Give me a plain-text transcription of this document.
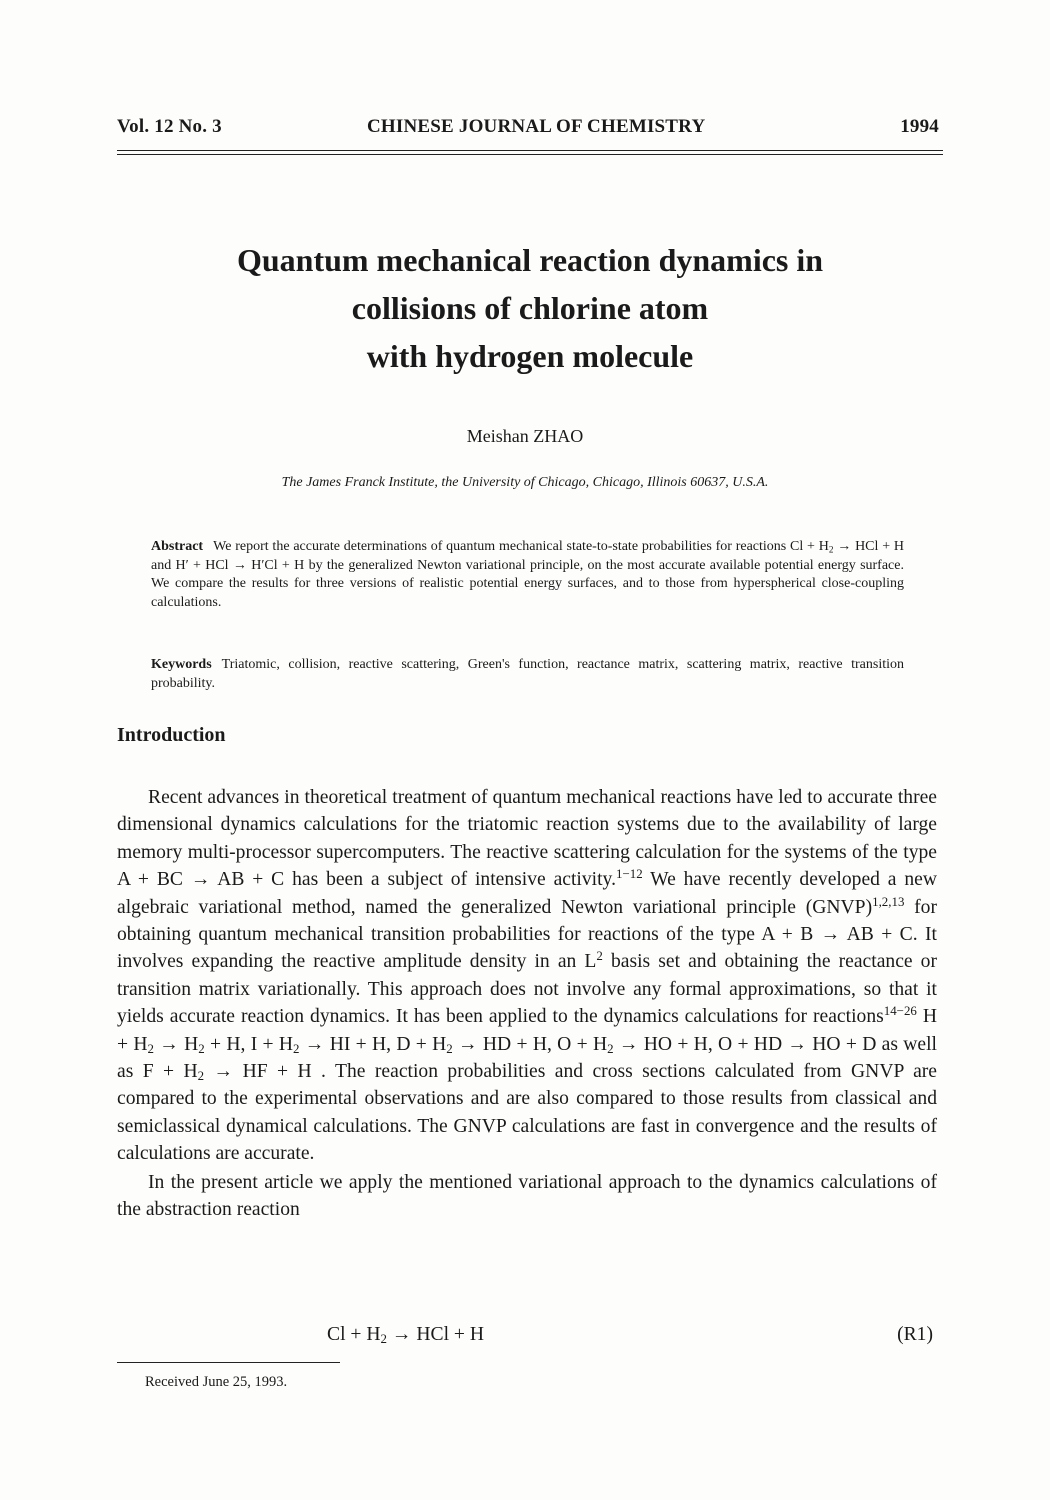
Vol. 12 No. 3	CHINESE JOURNAL OF CHEMISTRY	1994
Quantum mechanical reaction dynamics in
collisions of chlorine atom
with hydrogen molecule
Meishan ZHAO
The James Franck Institute, the University of Chicago, Chicago, Illinois 60637, U.S.A.
Abstract We report the accurate determinations of quantum mechanical state-to-state probabilities for reactions $Cl + H_2$ → HCl + H and H′ + HCl → H′Cl + H by the generalized Newton variational principle, on the most accurate available potential energy surface. We compare the results for three versions of realistic potential energy surfaces, and to those from hyperspherical close-coupling calculations.
Keywords Triatomic, collision, reactive scattering, Green's function, reactance matrix, scattering matrix, reactive transition probability.
Introduction

Recent advances in theoretical treatment of quantum mechanical reactions have led to accurate three dimensional dynamics calculations for the triatomic reaction systems due to the availability of large memory multi-processor supercomputers. The reactive scattering calculation for the systems of the type A + BC → AB + C has been a subject of intensive activity.$^{1-12}$ We have recently developed a new algebraic variational method, named the generalized Newton variational principle (GNVP)$^{1,2,13}$ for obtaining quantum mechanical transition probabilities for reactions of the type A + B → AB + C. It involves expanding the reactive amplitude density in an $L^2$ basis set and obtaining the reactance or transition matrix variationally. This approach does not involve any formal approximations, so that it yields accurate reaction dynamics. It has been applied to the dynamics calculations for reactions$^{14-26}$ $H + H_2 \to H_2 + H$, $I + H_2$ → HI + H, $D + H_2$ → HD + H, $O + H_2$ → HO + H, O + HD → HO + D as well as $F + H_2$ → HF + H . The reaction probabilities and cross sections calculated from GNVP are compared to the experimental observations and are also compared to those results from classical and semiclassical dynamical calculations. The GNVP calculations are fast in convergence and the results of calculations are accurate.

In the present article we apply the mentioned variational approach to the dynamics calculations of the abstraction reaction

$Cl + H_2$ → HCl + H	(R1)
Received June 25, 1993.
